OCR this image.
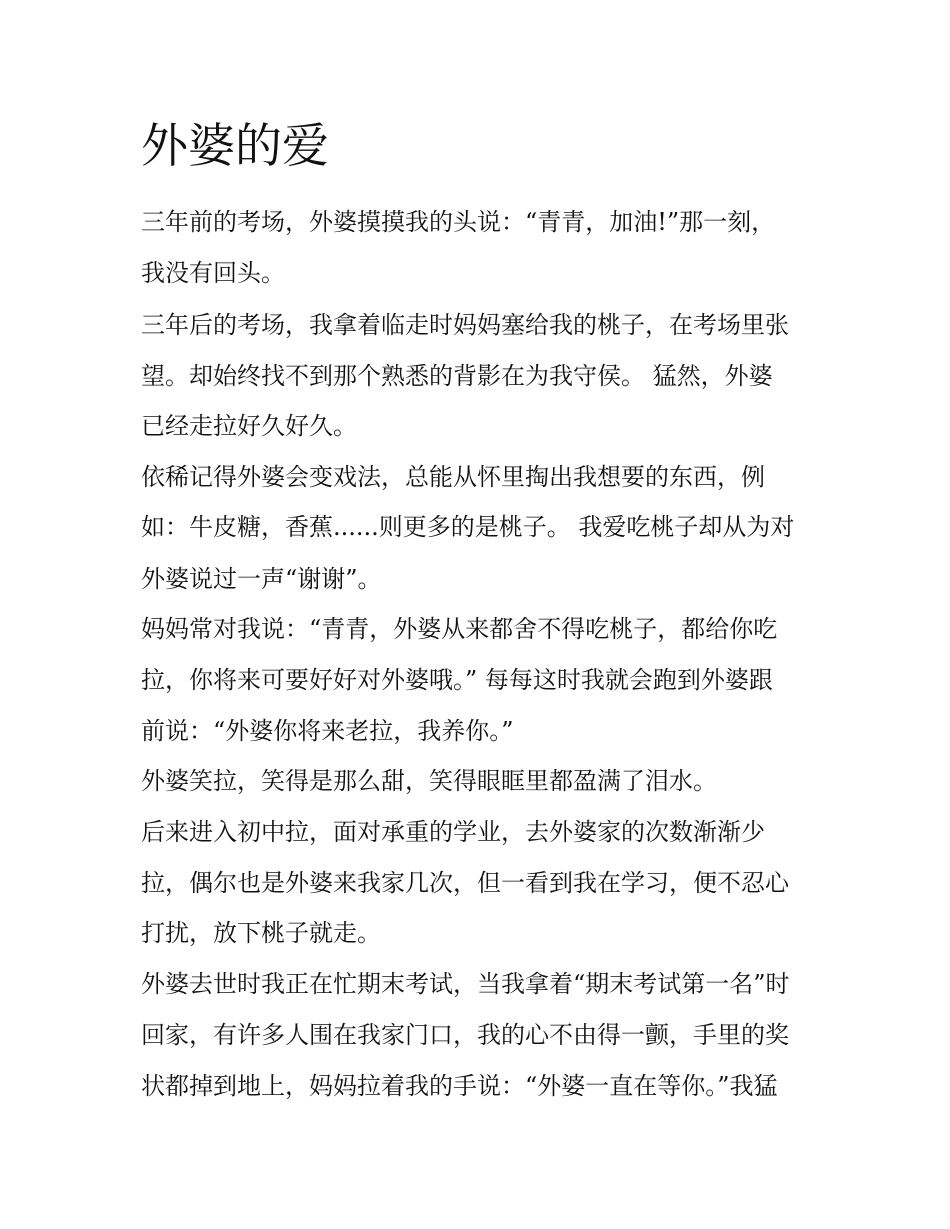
外婆的爱

三年前的考场，外婆摸摸我的头说：“青青，加油!”那一刻，

我没有回头。

三年后的考场，我拿着临走时妈妈塞给我的桃子，在考场里张

望。却始终找不到那个熟悉的背影在为我守侯。 猛然，外婆

已经走拉好久好久。

依稀记得外婆会变戏法，总能从怀里掏出我想要的东西，例

如：牛皮糖，香蕉......则更多的是桃子。 我爱吃桃子却从为对

外婆说过一声“谢谢”。

妈妈常对我说：“青青，外婆从来都舍不得吃桃子，都给你吃

拉，你将来可要好好对外婆哦。” 每每这时我就会跑到外婆跟

前说：“外婆你将来老拉，我养你。”

外婆笑拉，笑得是那么甜，笑得眼眶里都盈满了泪水。

后来进入初中拉，面对承重的学业，去外婆家的次数渐渐少

拉，偶尔也是外婆来我家几次，但一看到我在学习，便不忍心

打扰，放下桃子就走。

外婆去世时我正在忙期末考试，当我拿着“期末考试第一名”时

回家，有许多人围在我家门口，我的心不由得一颤，手里的奖

状都掉到地上，妈妈拉着我的手说：“外婆一直在等你。”我猛
